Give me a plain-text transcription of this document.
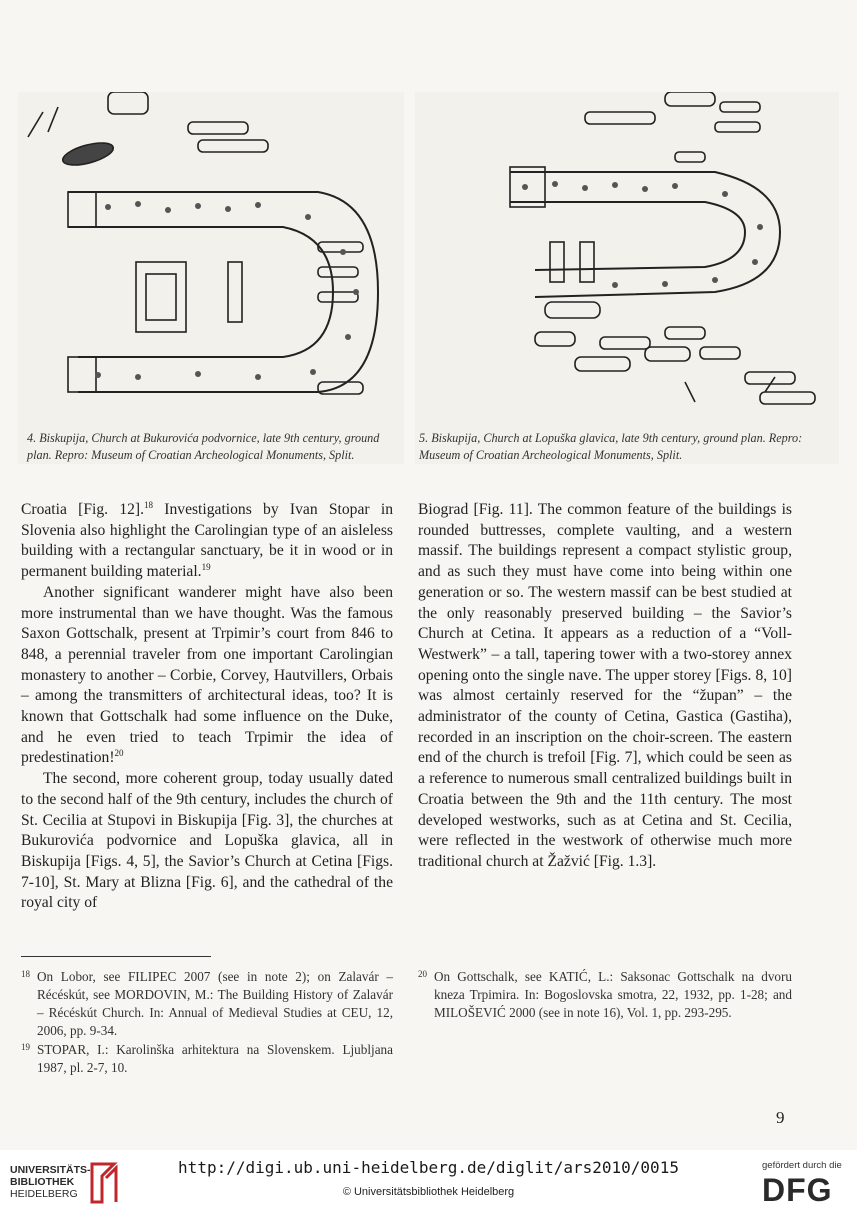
4. Biskupija, Church at Bukurovića podvornice, late 9th century, ground plan. Repro: Museum of Croatian Archeological Monuments, Split.
5. Biskupija, Church at Lopuška glavica, late 9th century, ground plan. Repro: Museum of Croatian Archeological Monuments, Split.

Croatia [Fig. 12].$^{18}$ Investigations by Ivan Stopar in Slovenia also highlight the Carolingian type of an aisleless building with a rectangular sanctuary, be it in wood or in permanent building material.$^{19}$

Another significant wanderer might have also been more instrumental than we have thought. Was the famous Saxon Gottschalk, present at Trpimir’s court from 846 to 848, a perennial traveler from one important Carolingian monastery to another – Corbie, Corvey, Hautvillers, Orbais – among the transmitters of architectural ideas, too? It is known that Gottschalk had some influence on the Duke, and he even tried to teach Trpimir the idea of predestination!$^{20}$

The second, more coherent group, today usually dated to the second half of the 9th century, includes the church of St. Cecilia at Stupovi in Biskupija [Fig. 3], the churches at Bukurovića podvornice and Lopuška glavica, all in Biskupija [Figs. 4, 5], the Savior’s Church at Cetina [Figs. 7-10], St. Mary at Blizna [Fig. 6], and the cathedral of the royal city of

Biograd [Fig. 11]. The common feature of the buildings is rounded buttresses, complete vaulting, and a western massif. The buildings represent a compact stylistic group, and as such they must have come into being within one generation or so. The western massif can be best studied at the only reasonably preserved building – the Savior’s Church at Cetina. It appears as a reduction of a “Voll-Westwerk” – a tall, tapering tower with a two-storey annex opening onto the single nave. The upper storey [Figs. 8, 10] was almost certainly reserved for the “župan” – the administrator of the county of Cetina, Gastica (Gastiha), recorded in an inscription on the choir-screen. The eastern end of the church is trefoil [Fig. 7], which could be seen as a reference to numerous small centralized buildings built in Croatia between the 9th and the 11th century. The most developed westworks, such as at Cetina and St. Cecilia, were reflected in the westwork of otherwise much more traditional church at Žažvić [Fig. 1.3].

18 On Lobor, see FILIPEC 2007 (see in note 2); on Zalavár – Récéskút, see MORDOVIN, M.: The Building History of Zalavár – Récéskút Church. In: Annual of Medieval Studies at CEU, 12, 2006, pp. 9-34.
19 STOPAR, I.: Karolinška arhitektura na Slovenskem. Ljubljana 1987, pl. 2-7, 10.
20 On Gottschalk, see KATIĆ, L.: Saksonac Gottschalk na dvoru kneza Trpimira. In: Bogoslovska smotra, 22, 1932, pp. 1-28; and MILOŠEVIĆ 2000 (see in note 16), Vol. 1, pp. 293-295.
9
UNIVERSITÄTS-
BIBLIOTHEK
HEIDELBERG
http://digi.ub.uni-heidelberg.de/diglit/ars2010/0015
© Universitätsbibliothek Heidelberg
gefördert durch die
DFG
